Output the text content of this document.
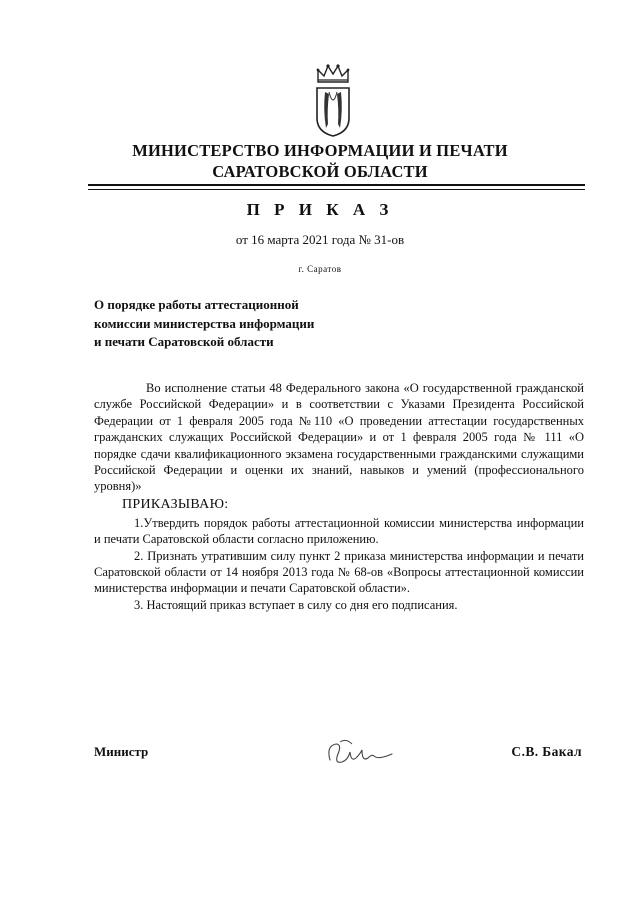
МИНИСТЕРСТВО ИНФОРМАЦИИ И ПЕЧАТИ
САРАТОВСКОЙ ОБЛАСТИ
П Р И К А З
от 16 марта 2021 года № 31-ов
г. Саратов
О порядке работы аттестационной
комиссии министерства информации
и печати Саратовской области

Во исполнение статьи 48 Федерального закона «О государственной гражданской службе Российской Федерации» и в соответствии с Указами Президента Российской Федерации от 1 февраля 2005 года №110 «О проведении аттестации государственных гражданских служащих Российской Федерации» и от 1 февраля 2005 года № 111 «О порядке сдачи квалификационного экзамена государственными гражданскими служащими Российской Федерации и оценки их знаний, навыков и умений (профессионального уровня)»

ПРИКАЗЫВАЮ:

1.Утвердить порядок работы аттестационной комиссии министерства информации и печати Саратовской области согласно приложению.

2. Признать утратившим силу пункт 2 приказа министерства информации и печати Саратовской области от 14 ноября 2013 года № 68-ов «Вопросы аттестационной комиссии министерства информации и печати Саратовской области».

3. Настоящий приказ вступает в силу со дня его подписания.

Министр	С.В. Бакал
